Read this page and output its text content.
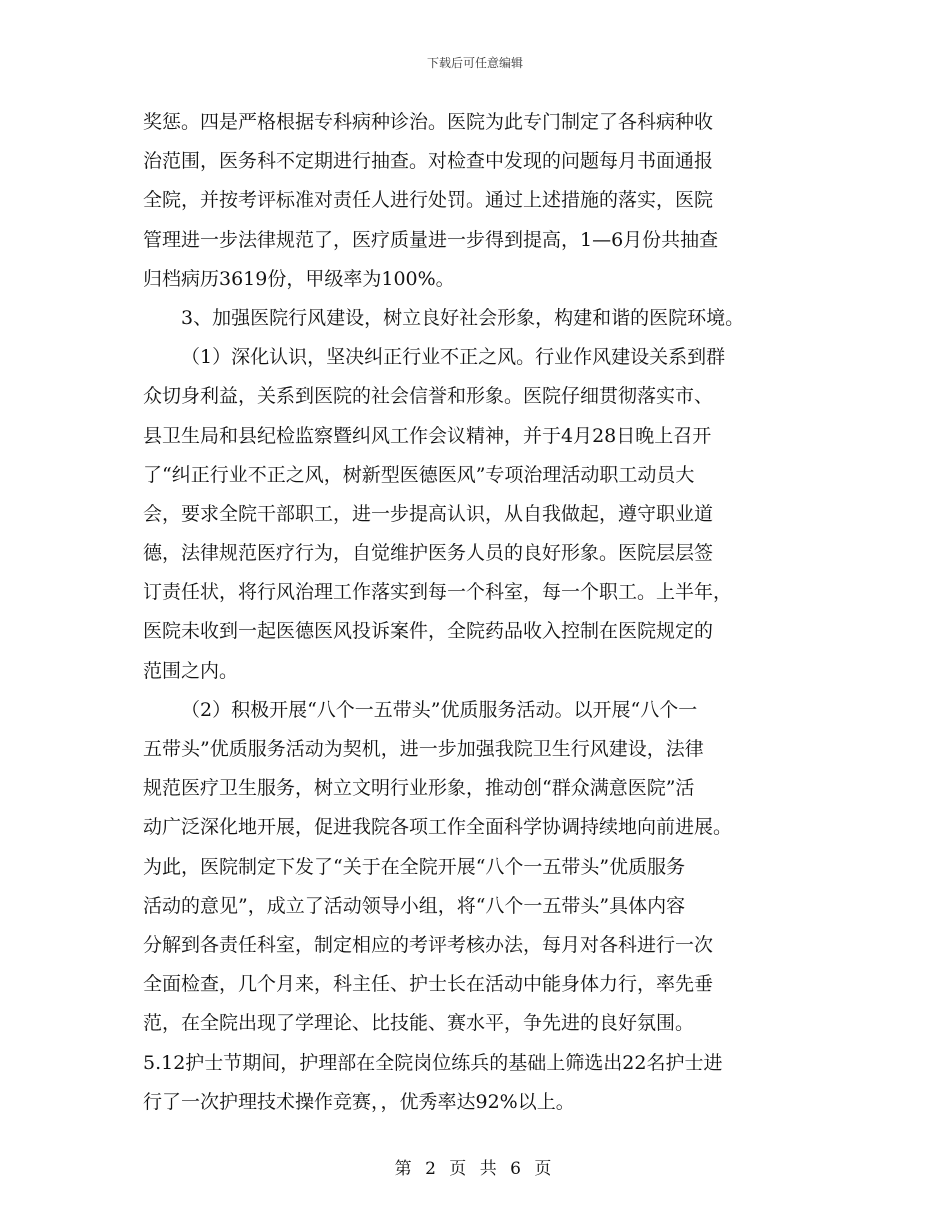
下载后可任意编辑
奖惩。四是严格根据专科病种诊治。医院为此专门制定了各科病种收
治范围，医务科不定期进行抽查。对检查中发现的问题每月书面通报
全院，并按考评标准对责任人进行处罚。通过上述措施的落实，医院
管理进一步法律规范了，医疗质量进一步得到提高，1—6月份共抽查
归档病历3619份，甲级率为100%。
3、加强医院行风建设，树立良好社会形象，构建和谐的医院环境。
（1）深化认识，坚决纠正行业不正之风。行业作风建设关系到群
众切身利益，关系到医院的社会信誉和形象。医院仔细贯彻落实市、
县卫生局和县纪检监察暨纠风工作会议精神，并于4月28日晚上召开
了“纠正行业不正之风，树新型医德医风”专项治理活动职工动员大
会，要求全院干部职工，进一步提高认识，从自我做起，遵守职业道
德，法律规范医疗行为，自觉维护医务人员的良好形象。医院层层签
订责任状，将行风治理工作落实到每一个科室，每一个职工。上半年，
医院未收到一起医德医风投诉案件，全院药品收入控制在医院规定的
范围之内。
（2）积极开展“八个一五带头”优质服务活动。以开展“八个一
五带头”优质服务活动为契机，进一步加强我院卫生行风建设，法律
规范医疗卫生服务，树立文明行业形象，推动创“群众满意医院”活
动广泛深化地开展，促进我院各项工作全面科学协调持续地向前进展。
为此，医院制定下发了“关于在全院开展“八个一五带头”优质服务
活动的意见”，成立了活动领导小组，将“八个一五带头”具体内容
分解到各责任科室，制定相应的考评考核办法，每月对各科进行一次
全面检查，几个月来，科主任、护士长在活动中能身体力行，率先垂
范，在全院出现了学理论、比技能、赛水平，争先进的良好氛围。
5.12护士节期间，护理部在全院岗位练兵的基础上筛选出22名护士进
行了一次护理技术操作竞赛，，优秀率达92%以上。
第 2 页 共 6 页
